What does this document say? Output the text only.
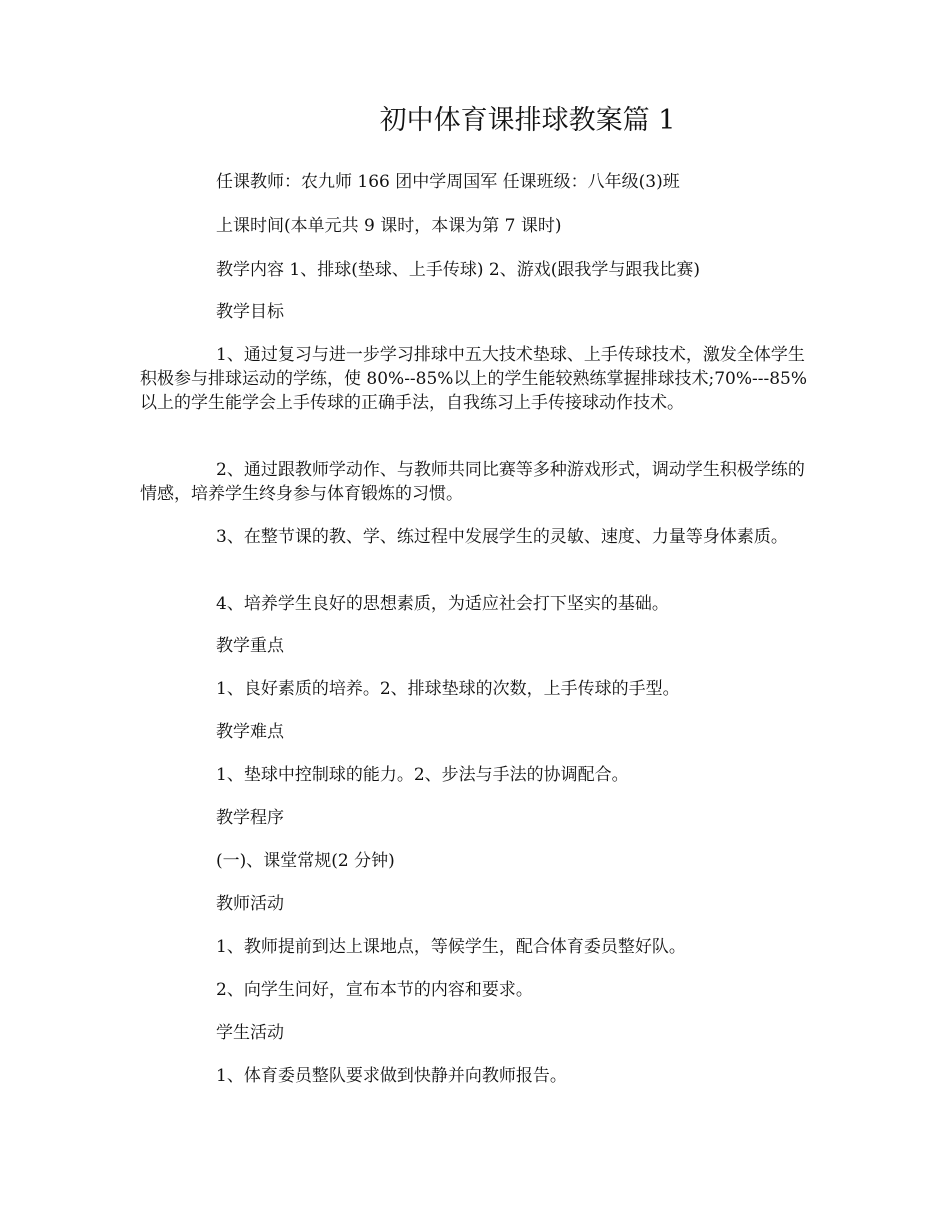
初中体育课排球教案篇 1
任课教师：农九师 166 团中学周国军 任课班级：八年级(3)班
上课时间(本单元共 9 课时，本课为第 7 课时)
教学内容 1、排球(垫球、上手传球) 2、游戏(跟我学与跟我比赛)
教学目标
1、通过复习与进一步学习排球中五大技术垫球、上手传球技术，激发全体学生积极参与排球运动的学练，使 80%--85%以上的学生能较熟练掌握排球技术;70%---85%以上的学生能学会上手传球的正确手法，自我练习上手传接球动作技术。
2、通过跟教师学动作、与教师共同比赛等多种游戏形式，调动学生积极学练的情感，培养学生终身参与体育锻炼的习惯。
3、在整节课的教、学、练过程中发展学生的灵敏、速度、力量等身体素质。
4、培养学生良好的思想素质，为适应社会打下坚实的基础。
教学重点
1、良好素质的培养。2、排球垫球的次数，上手传球的手型。
教学难点
1、垫球中控制球的能力。2、步法与手法的协调配合。
教学程序
(一)、课堂常规(2 分钟)
教师活动
1、教师提前到达上课地点，等候学生，配合体育委员整好队。
2、向学生问好，宣布本节的内容和要求。
学生活动
1、体育委员整队要求做到快静并向教师报告。
